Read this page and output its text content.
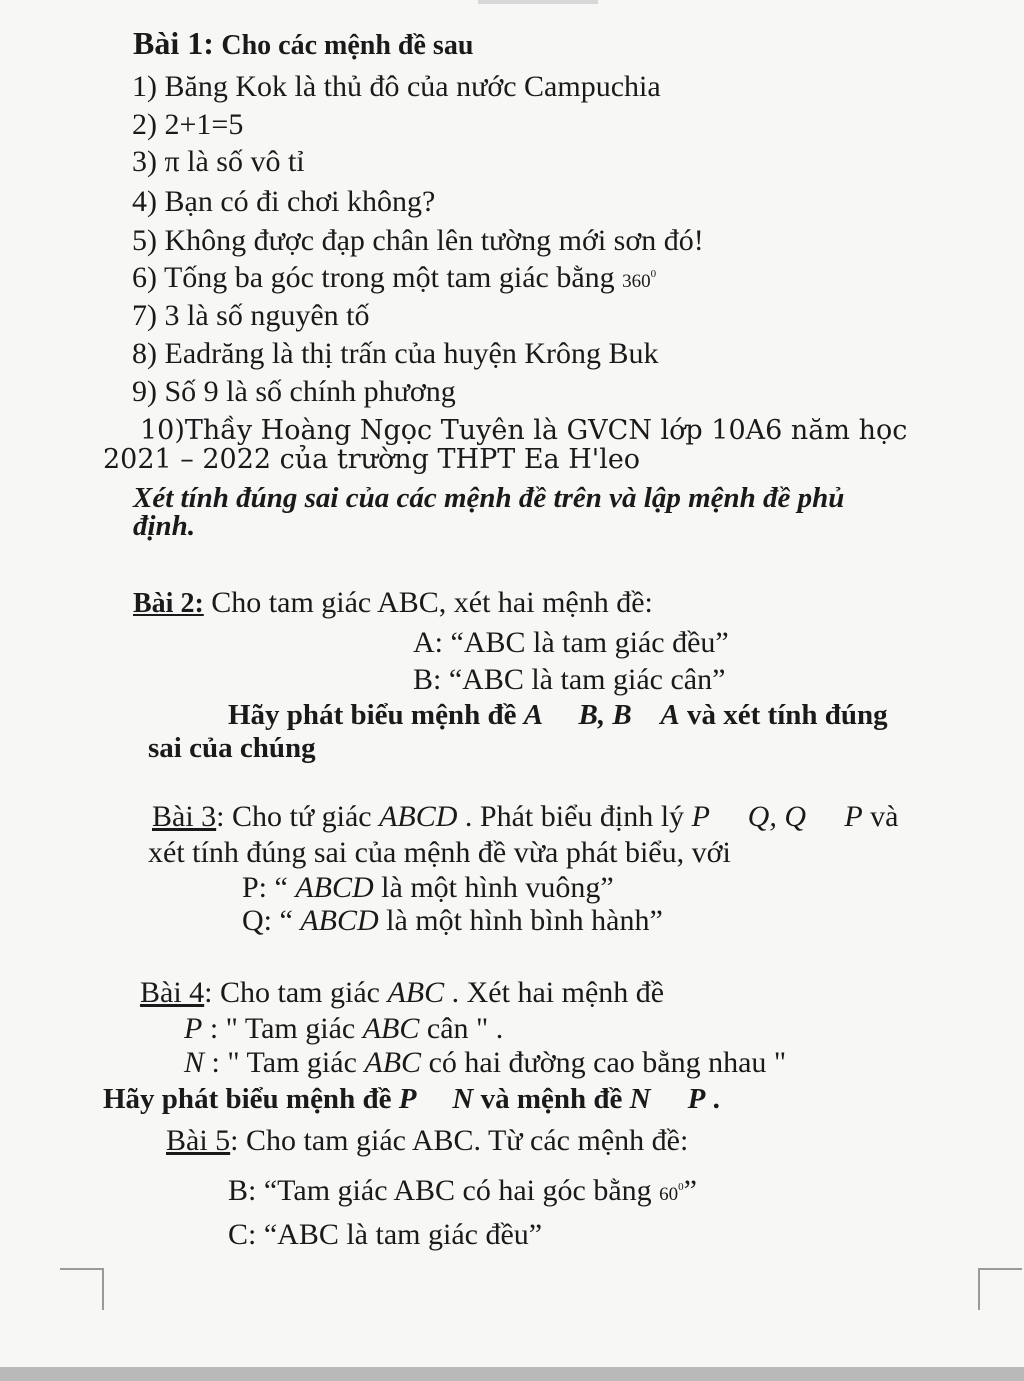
Bài 1: Cho các mệnh đề sau
1) Băng Kok là thủ đô của nước Campuchia
2) 2+1=5
3) π là số vô tỉ
4) Bạn có đi chơi không?
5) Không được đạp chân lên tường mới sơn đó!
6) Tống ba góc trong một tam giác bằng $360^0$
7) 3 là số nguyên tố
8) Eadrăng là thị trấn của huyện Krông Buk
9) Số 9 là số chính phương
10)Thầy Hoàng Ngọc Tuyên là GVCN lớp 10A6 năm học
2021 – 2022 của trường THPT Ea H'leo
Xét tính đúng sai của các mệnh đề trên và lập mệnh đề phủ
định.
Bài 2: Cho tam giác ABC, xét hai mệnh đề:
A: “ABC là tam giác đều”
B: “ABC là tam giác cân”
Hãy phát biểu mệnh đề A ⃞ B, B⃞ A và xét tính đúng
sai của chúng
Bài 3: Cho tứ giác ABCD . Phát biểu định lý P ⃞ Q, Q ⃞ P và
xét tính đúng sai của mệnh đề vừa phát biểu, với
P: “ ABCD là một hình vuông”
Q: “ ABCD là một hình bình hành”
Bài 4: Cho tam giác ABC . Xét hai mệnh đề
P : " Tam giác ABC cân " .
N : " Tam giác ABC có hai đường cao bằng nhau "
Hãy phát biểu mệnh đề P ⃞ N và mệnh đề N ⃞ P .
Bài 5: Cho tam giác ABC. Từ các mệnh đề:
B: “Tam giác ABC có hai góc bằng $60^0$”
C: “ABC là tam giác đều”
